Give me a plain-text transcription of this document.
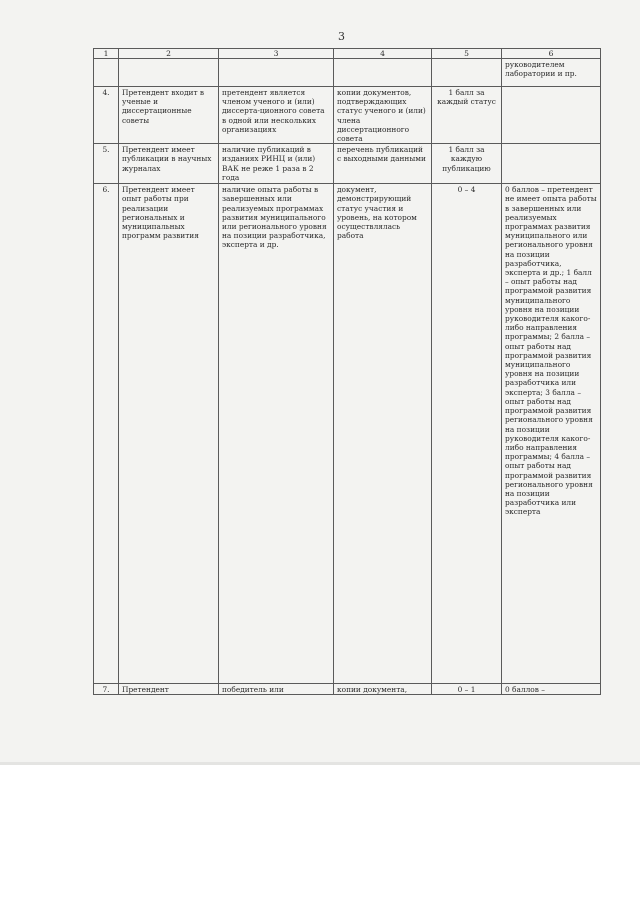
3
1	2	3	4	5	6
					руководителем лаборатории и пр.
4.	Претендент входит в ученые и диссертационные советы	претендент является членом ученого и (или) диссерта-ционного совета в одной или нескольких организациях	копии документов, подтверждающих статус ученого и (или) члена диссертационного совета	1 балл за каждый статус	
5.	Претендент имеет публикации в научных журналах	наличие публикаций в изданиях РИНЦ и (или) ВАК не реже 1 раза в 2 года	перечень публикаций с выходными данными	1 балл за каждую публикацию	
6.	Претендент имеет опыт работы при реализации региональных и муниципальных программ развития	наличие опыта работы в завершенных или реализуемых программах развития муниципального или регионального уровня на позиции разработчика, эксперта и др.	документ, демонстрирующий статус участия и уровень, на котором осуществлялась работа	0 – 4	0 баллов – претендент не имеет опыта работы в завершенных или реализуемых программах развития муниципального или регионального уровня на позиции разработчика, эксперта и др.; 1 балл – опыт работы над программой развития муниципального уровня на позиции руководителя какого-либо направления программы; 2 балла – опыт работы над программой развития муниципального уровня на позиции разработчика или эксперта; 3 балла – опыт работы над программой развития регионального уровня на позиции руководителя какого-либо направления программы; 4 балла – опыт работы над программой развития регионального уровня на позиции разработчика или эксперта
7.	Претендент	победитель или	копии документа,	0 – 1	0 баллов –
